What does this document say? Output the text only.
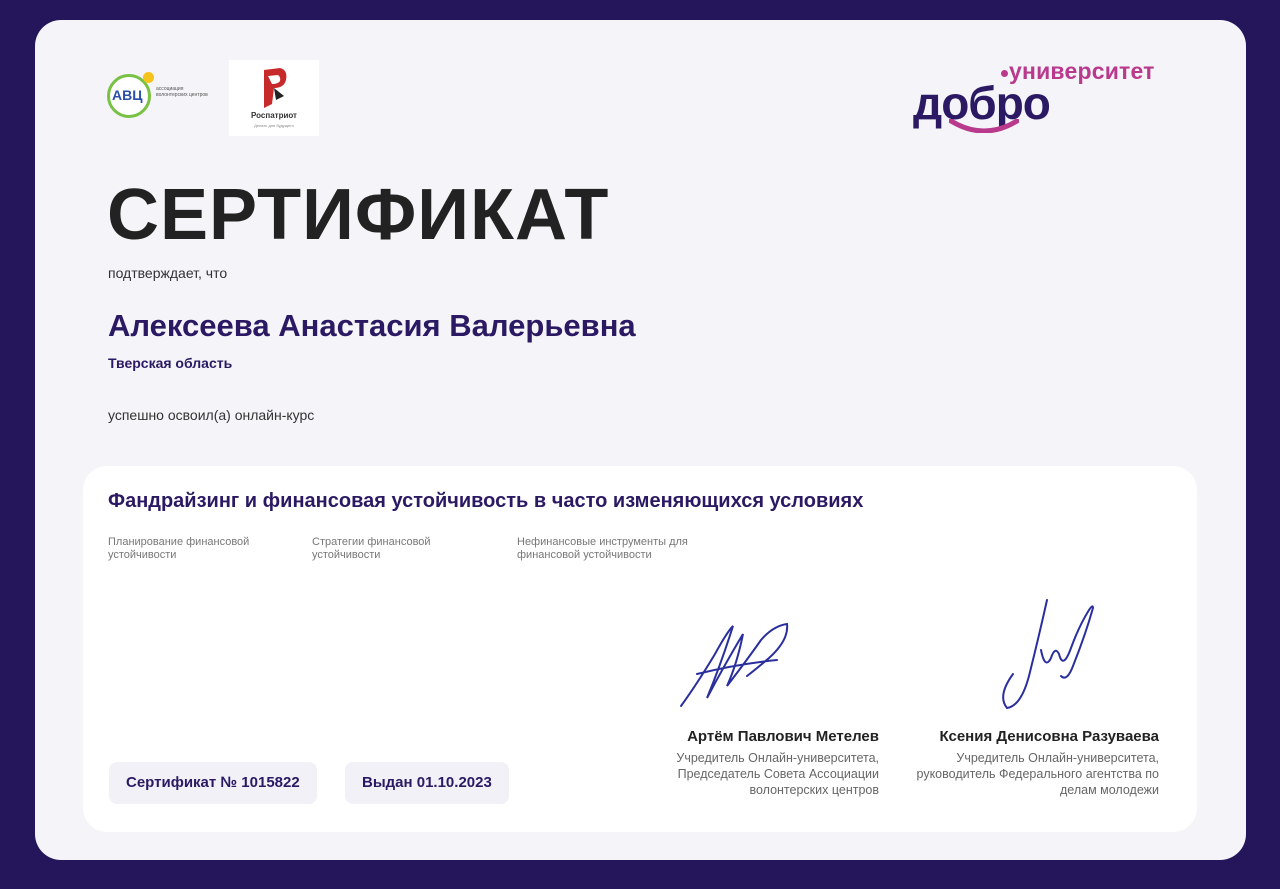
АВЦ	ассоциация волонтерских центров
Роспатриот
Делать для будущего
университет
добро
СЕРТИФИКАТ
подтверждает, что
Алексеева Анастасия Валерьевна
Тверская область
успешно освоил(а) онлайн-курс
Фандрайзинг и финансовая устойчивость в часто изменяющихся условиях
Планирование финансовой устойчивости
Стратегии финансовой устойчивости
Нефинансовые инструменты для финансовой устойчивости
Артём Павлович Метелев
Учредитель Онлайн-университета, Председатель Совета Ассоциации волонтерских центров
Ксения Денисовна Разуваева
Учредитель Онлайн-университета, руководитель Федерального агентства по делам молодежи
Сертификат № 1015822	Выдан 01.10.2023
